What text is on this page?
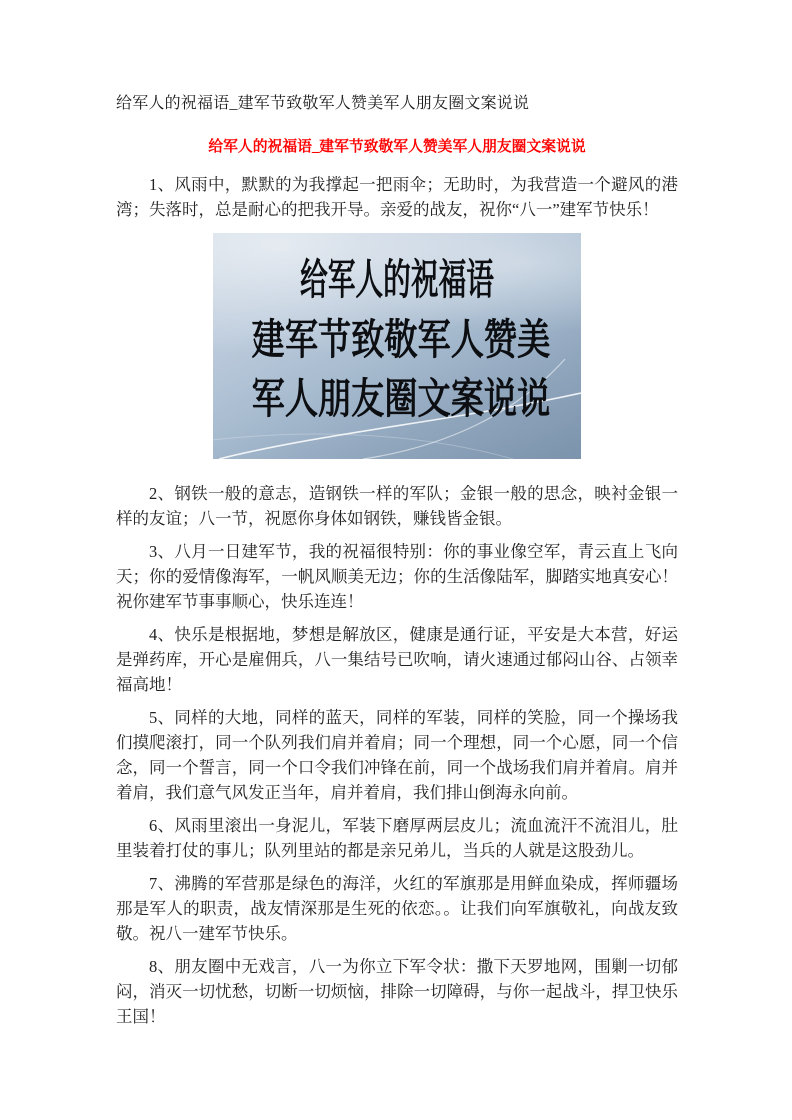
给军人的祝福语_建军节致敬军人赞美军人朋友圈文案说说
给军人的祝福语_建军节致敬军人赞美军人朋友圈文案说说

1、风雨中，默默的为我撑起一把雨伞；无助时，为我营造一个避风的港湾；失落时，总是耐心的把我开导。亲爱的战友，祝你“八一”建军节快乐！

给军人的祝福语
建军节致敬军人赞美
军人朋友圈文案说说

2、钢铁一般的意志，造钢铁一样的军队；金银一般的思念，映衬金银一样的友谊；八一节，祝愿你身体如钢铁，赚钱皆金银。

3、八月一日建军节，我的祝福很特别：你的事业像空军，青云直上飞向天；你的爱情像海军，一帆风顺美无边；你的生活像陆军，脚踏实地真安心！祝你建军节事事顺心，快乐连连！

4、快乐是根据地，梦想是解放区，健康是通行证，平安是大本营，好运是弹药库，开心是雇佣兵，八一集结号已吹响，请火速通过郁闷山谷、占领幸福高地！

5、同样的大地，同样的蓝天，同样的军装，同样的笑脸，同一个操场我们摸爬滚打，同一个队列我们肩并着肩；同一个理想，同一个心愿，同一个信念，同一个誓言，同一个口令我们冲锋在前，同一个战场我们肩并着肩。肩并着肩，我们意气风发正当年，肩并着肩，我们排山倒海永向前。

6、风雨里滚出一身泥儿，军装下磨厚两层皮儿；流血流汗不流泪儿，肚里装着打仗的事儿；队列里站的都是亲兄弟儿，当兵的人就是这股劲儿。

7、沸腾的军营那是绿色的海洋，火红的军旗那是用鲜血染成，挥师疆场那是军人的职责，战友情深那是生死的依恋。。让我们向军旗敬礼，向战友致敬。祝八一建军节快乐。

8、朋友圈中无戏言，八一为你立下军令状：撒下天罗地网，围剿一切郁闷，消灭一切忧愁，切断一切烦恼，排除一切障碍，与你一起战斗，捍卫快乐王国！
